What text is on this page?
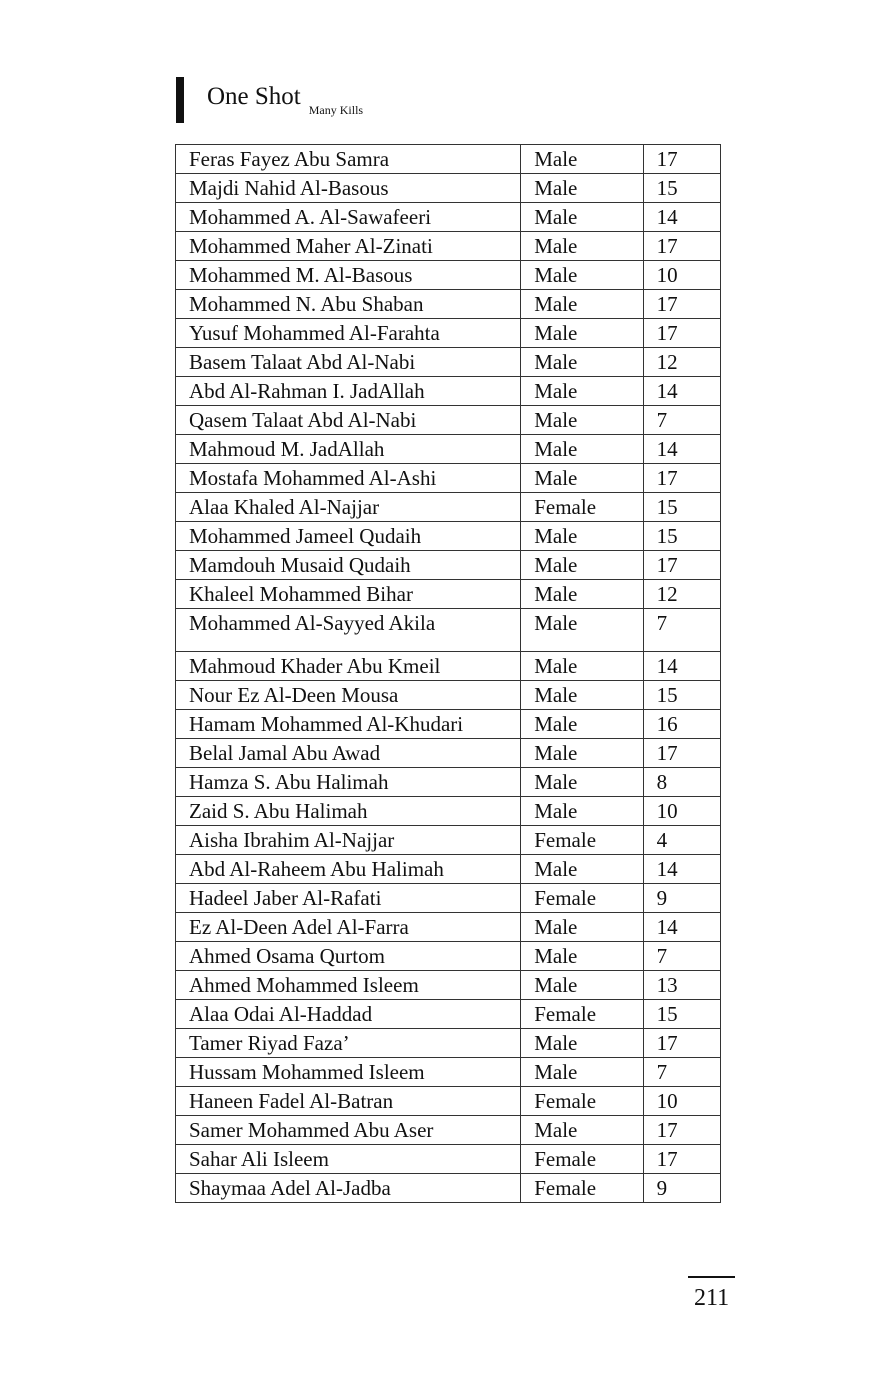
One Shot $_{Many Kills}$
Feras Fayez Abu Samra	Male	17
Majdi Nahid Al-Basous	Male	15
Mohammed A. Al-Sawafeeri	Male	14
Mohammed Maher Al-Zinati	Male	17
Mohammed M. Al-Basous	Male	10
Mohammed N. Abu Shaban	Male	17
Yusuf Mohammed Al-Farahta	Male	17
Basem Talaat Abd Al-Nabi	Male	12
Abd Al-Rahman I. JadAllah	Male	14
Qasem Talaat Abd Al-Nabi	Male	7
Mahmoud M. JadAllah	Male	14
Mostafa Mohammed Al-Ashi	Male	17
Alaa Khaled Al-Najjar	Female	15
Mohammed Jameel Qudaih	Male	15
Mamdouh Musaid Qudaih	Male	17
Khaleel Mohammed Bihar	Male	12
Mohammed Al-Sayyed Akila	Male	7
Mahmoud Khader Abu Kmeil	Male	14
Nour Ez Al-Deen Mousa	Male	15
Hamam Mohammed Al-Khudari	Male	16
Belal Jamal Abu Awad	Male	17
Hamza S. Abu Halimah	Male	8
Zaid S. Abu Halimah	Male	10
Aisha Ibrahim Al-Najjar	Female	4
Abd Al-Raheem Abu Halimah	Male	14
Hadeel Jaber Al-Rafati	Female	9
Ez Al-Deen Adel Al-Farra	Male	14
Ahmed Osama Qurtom	Male	7
Ahmed Mohammed Isleem	Male	13
Alaa Odai Al-Haddad	Female	15
Tamer Riyad Faza’	Male	17
Hussam Mohammed Isleem	Male	7
Haneen Fadel Al-Batran	Female	10
Samer Mohammed Abu Aser	Male	17
Sahar Ali Isleem	Female	17
Shaymaa Adel Al-Jadba	Female	9
211
